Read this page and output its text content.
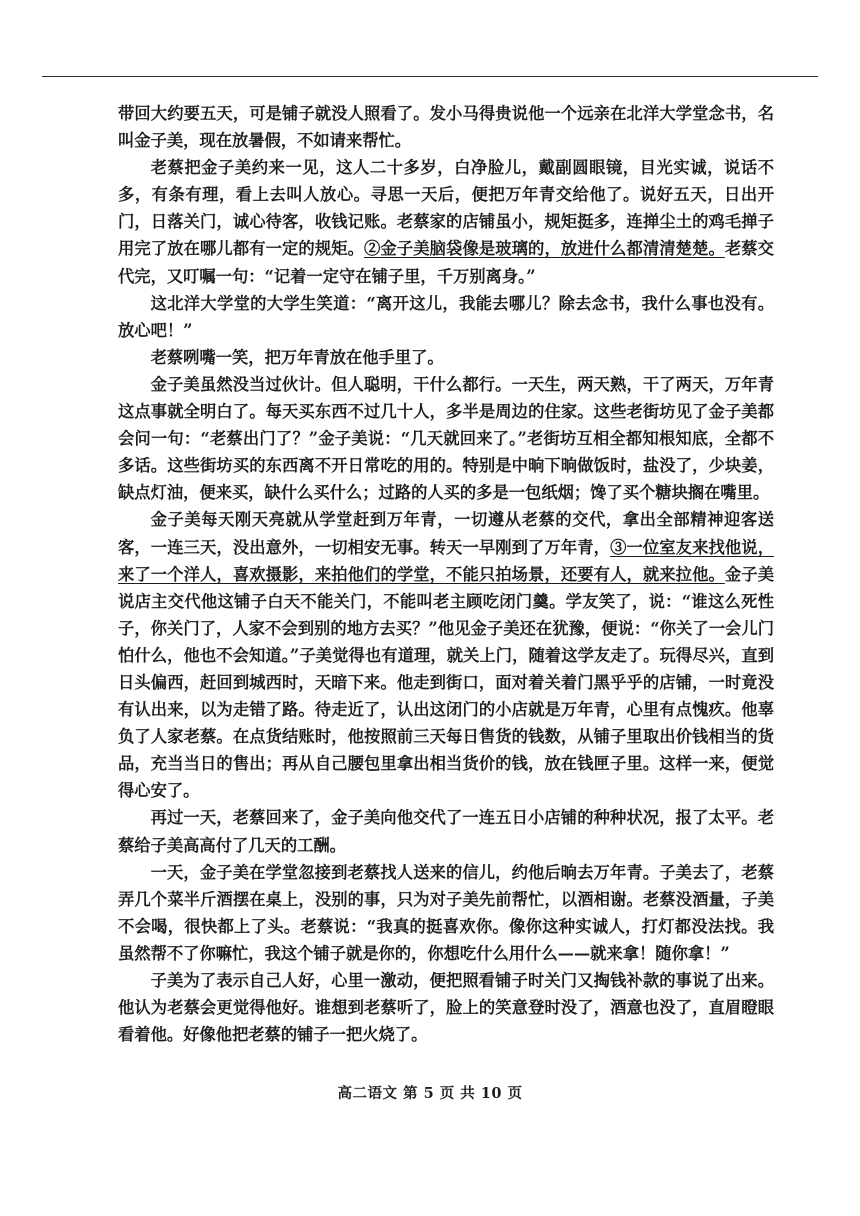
带回大约要五天，可是铺子就没人照看了。发小马得贵说他一个远亲在北洋大学堂念书，名叫金子美，现在放暑假，不如请来帮忙。

老蔡把金子美约来一见，这人二十多岁，白净脸儿，戴副圆眼镜，目光实诚，说话不多，有条有理，看上去叫人放心。寻思一天后，便把万年青交给他了。说好五天，日出开门，日落关门，诚心待客，收钱记账。老蔡家的店铺虽小，规矩挺多，连掸尘土的鸡毛掸子用完了放在哪儿都有一定的规矩。②金子美脑袋像是玻璃的，放进什么都清清楚楚。老蔡交代完，又叮嘱一句：“记着一定守在铺子里，千万别离身。”

这北洋大学堂的大学生笑道：“离开这儿，我能去哪儿？除去念书，我什么事也没有。放心吧！”

老蔡咧嘴一笑，把万年青放在他手里了。

金子美虽然没当过伙计。但人聪明，干什么都行。一天生，两天熟，干了两天，万年青这点事就全明白了。每天买东西不过几十人，多半是周边的住家。这些老街坊见了金子美都会问一句：“老蔡出门了？”金子美说：“几天就回来了。”老街坊互相全都知根知底，全都不多话。这些街坊买的东西离不开日常吃的用的。特别是中晌下晌做饭时，盐没了，少块姜，缺点灯油，便来买，缺什么买什么；过路的人买的多是一包纸烟；馋了买个糖块搁在嘴里。

金子美每天刚天亮就从学堂赶到万年青，一切遵从老蔡的交代，拿出全部精神迎客送客，一连三天，没出意外，一切相安无事。转天一早刚到了万年青，③一位室友来找他说，来了一个洋人，喜欢摄影，来拍他们的学堂，不能只拍场景，还要有人，就来拉他。金子美说店主交代他这铺子白天不能关门，不能叫老主顾吃闭门羹。学友笑了，说：“谁这么死性子，你关门了，人家不会到别的地方去买？”他见金子美还在犹豫，便说：“你关了一会儿门怕什么，他也不会知道。”子美觉得也有道理，就关上门，随着这学友走了。玩得尽兴，直到日头偏西，赶回到城西时，天暗下来。他走到街口，面对着关着门黑乎乎的店铺，一时竟没有认出来，以为走错了路。待走近了，认出这闭门的小店就是万年青，心里有点愧疚。他辜负了人家老蔡。在点货结账时，他按照前三天每日售货的钱数，从铺子里取出价钱相当的货品，充当当日的售出；再从自己腰包里拿出相当货价的钱，放在钱匣子里。这样一来，便觉得心安了。

再过一天，老蔡回来了，金子美向他交代了一连五日小店铺的种种状况，报了太平。老蔡给子美高高付了几天的工酬。

一天，金子美在学堂忽接到老蔡找人送来的信儿，约他后晌去万年青。子美去了，老蔡弄几个菜半斤酒摆在桌上，没别的事，只为对子美先前帮忙，以酒相谢。老蔡没酒量，子美不会喝，很快都上了头。老蔡说：“我真的挺喜欢你。像你这种实诚人，打灯都没法找。我虽然帮不了你嘛忙，我这个铺子就是你的，你想吃什么用什么——就来拿！随你拿！”

子美为了表示自己人好，心里一激动，便把照看铺子时关门又掏钱补款的事说了出来。他认为老蔡会更觉得他好。谁想到老蔡听了，脸上的笑意登时没了，酒意也没了，直眉瞪眼看着他。好像他把老蔡的铺子一把火烧了。

高二语文 第 5 页 共 10 页
